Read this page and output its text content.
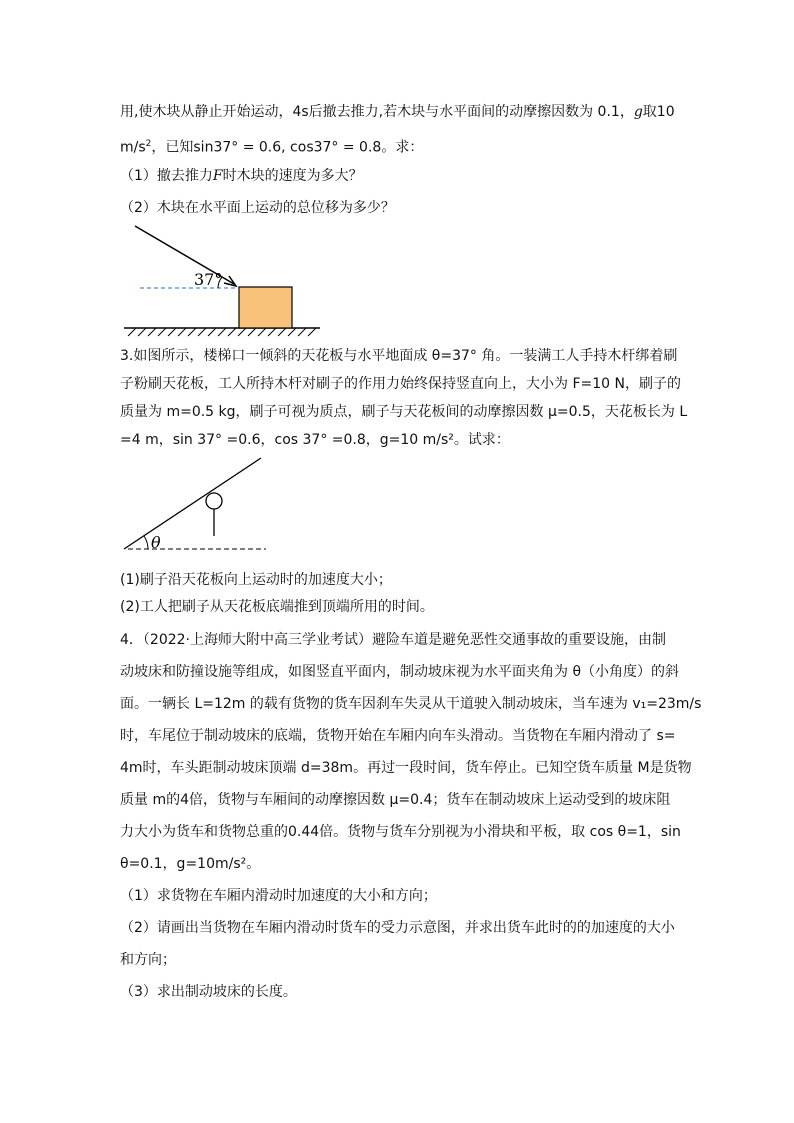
用,使木块从静止开始运动，4s后撤去推力,若木块与水平面间的动摩擦因数为 0.1，g取10
$m/s^2$，已知sin37° = 0.6, cos37° = 0.8。求：
（1）撤去推力F时木块的速度为多大？
（2）木块在水平面上运动的总位移为多少？
37°
3.如图所示，楼梯口一倾斜的天花板与水平地面成 θ=37° 角。一装满工人手持木杆绑着刷
子粉刷天花板，工人所持木杆对刷子的作用力始终保持竖直向上，大小为 F=10 N，刷子的
质量为 m=0.5 kg，刷子可视为质点，刷子与天花板间的动摩擦因数 μ=0.5，天花板长为 L
=4 m，sin 37° =0.6，cos 37° =0.8，g=10 m/s²。试求：
θ
(1)刷子沿天花板向上运动时的加速度大小；
(2)工人把刷子从天花板底端推到顶端所用的时间。
4．（2022·上海师大附中高三学业考试）避险车道是避免恶性交通事故的重要设施，由制
动坡床和防撞设施等组成，如图竖直平面内，制动坡床视为水平面夹角为 θ（小角度）的斜
面。一辆长 L=12m 的载有货物的货车因刹车失灵从干道驶入制动坡床，当车速为 v₁=23m/s
时，车尾位于制动坡床的底端，货物开始在车厢内向车头滑动。当货物在车厢内滑动了 s=
4m时，车头距制动坡床顶端 d=38m。再过一段时间，货车停止。已知空货车质量 M是货物
质量 m的4倍，货物与车厢间的动摩擦因数 μ=0.4；货车在制动坡床上运动受到的坡床阻
力大小为货车和货物总重的0.44倍。货物与货车分别视为小滑块和平板，取 cos θ=1，sin
θ=0.1，g=10m/s²。
（1）求货物在车厢内滑动时加速度的大小和方向；
（2）请画出当货物在车厢内滑动时货车的受力示意图，并求出货车此时的的加速度的大小
和方向；
（3）求出制动坡床的长度。
